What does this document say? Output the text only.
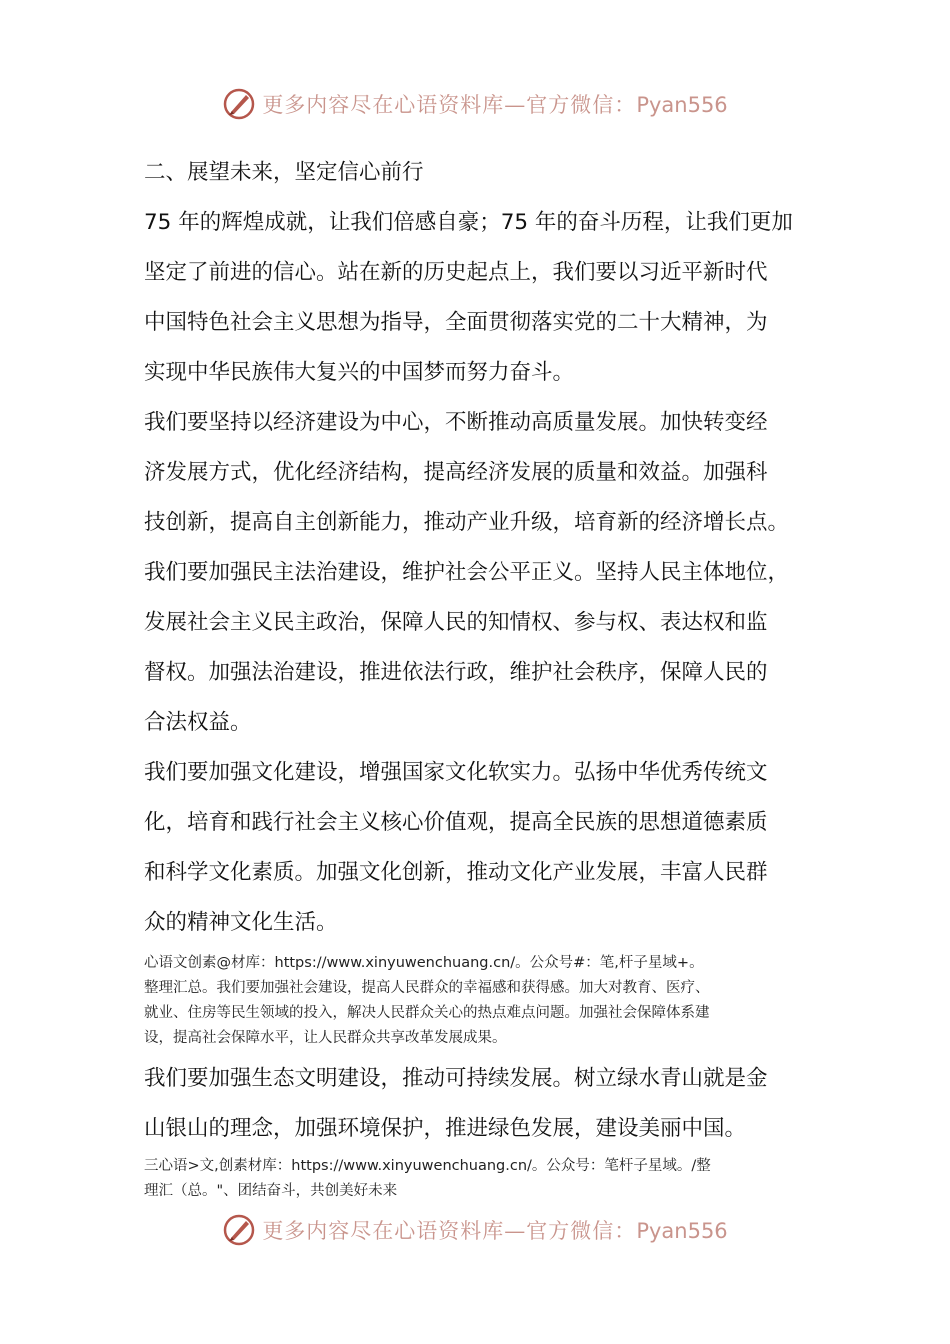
更多内容尽在心语资料库—官方微信：Pyan556
二、展望未来，坚定信心前行
75 年的辉煌成就，让我们倍感自豪；75 年的奋斗历程，让我们更加
坚定了前进的信心。站在新的历史起点上，我们要以习近平新时代
中国特色社会主义思想为指导，全面贯彻落实党的二十大精神，为
实现中华民族伟大复兴的中国梦而努力奋斗。
我们要坚持以经济建设为中心，不断推动高质量发展。加快转变经
济发展方式，优化经济结构，提高经济发展的质量和效益。加强科
技创新，提高自主创新能力，推动产业升级，培育新的经济增长点。
我们要加强民主法治建设，维护社会公平正义。坚持人民主体地位，
发展社会主义民主政治，保障人民的知情权、参与权、表达权和监
督权。加强法治建设，推进依法行政，维护社会秩序，保障人民的
合法权益。
我们要加强文化建设，增强国家文化软实力。弘扬中华优秀传统文
化，培育和践行社会主义核心价值观，提高全民族的思想道德素质
和科学文化素质。加强文化创新，推动文化产业发展，丰富人民群
众的精神文化生活。
心语文创素@材库：https://www.xinyuwenchuang.cn/。公众号#：笔,杆子星域+。
整理汇总。我们要加强社会建设，提高人民群众的幸福感和获得感。加大对教育、医疗、
就业、住房等民生领域的投入，解决人民群众关心的热点难点问题。加强社会保障体系建
设，提高社会保障水平，让人民群众共享改革发展成果。
我们要加强生态文明建设，推动可持续发展。树立绿水青山就是金
山银山的理念，加强环境保护，推进绿色发展，建设美丽中国。
三心语>文,创素材库：https://www.xinyuwenchuang.cn/。公众号：笔杆子星域。/整
理汇（总。"、团结奋斗，共创美好未来
更多内容尽在心语资料库—官方微信：Pyan556
